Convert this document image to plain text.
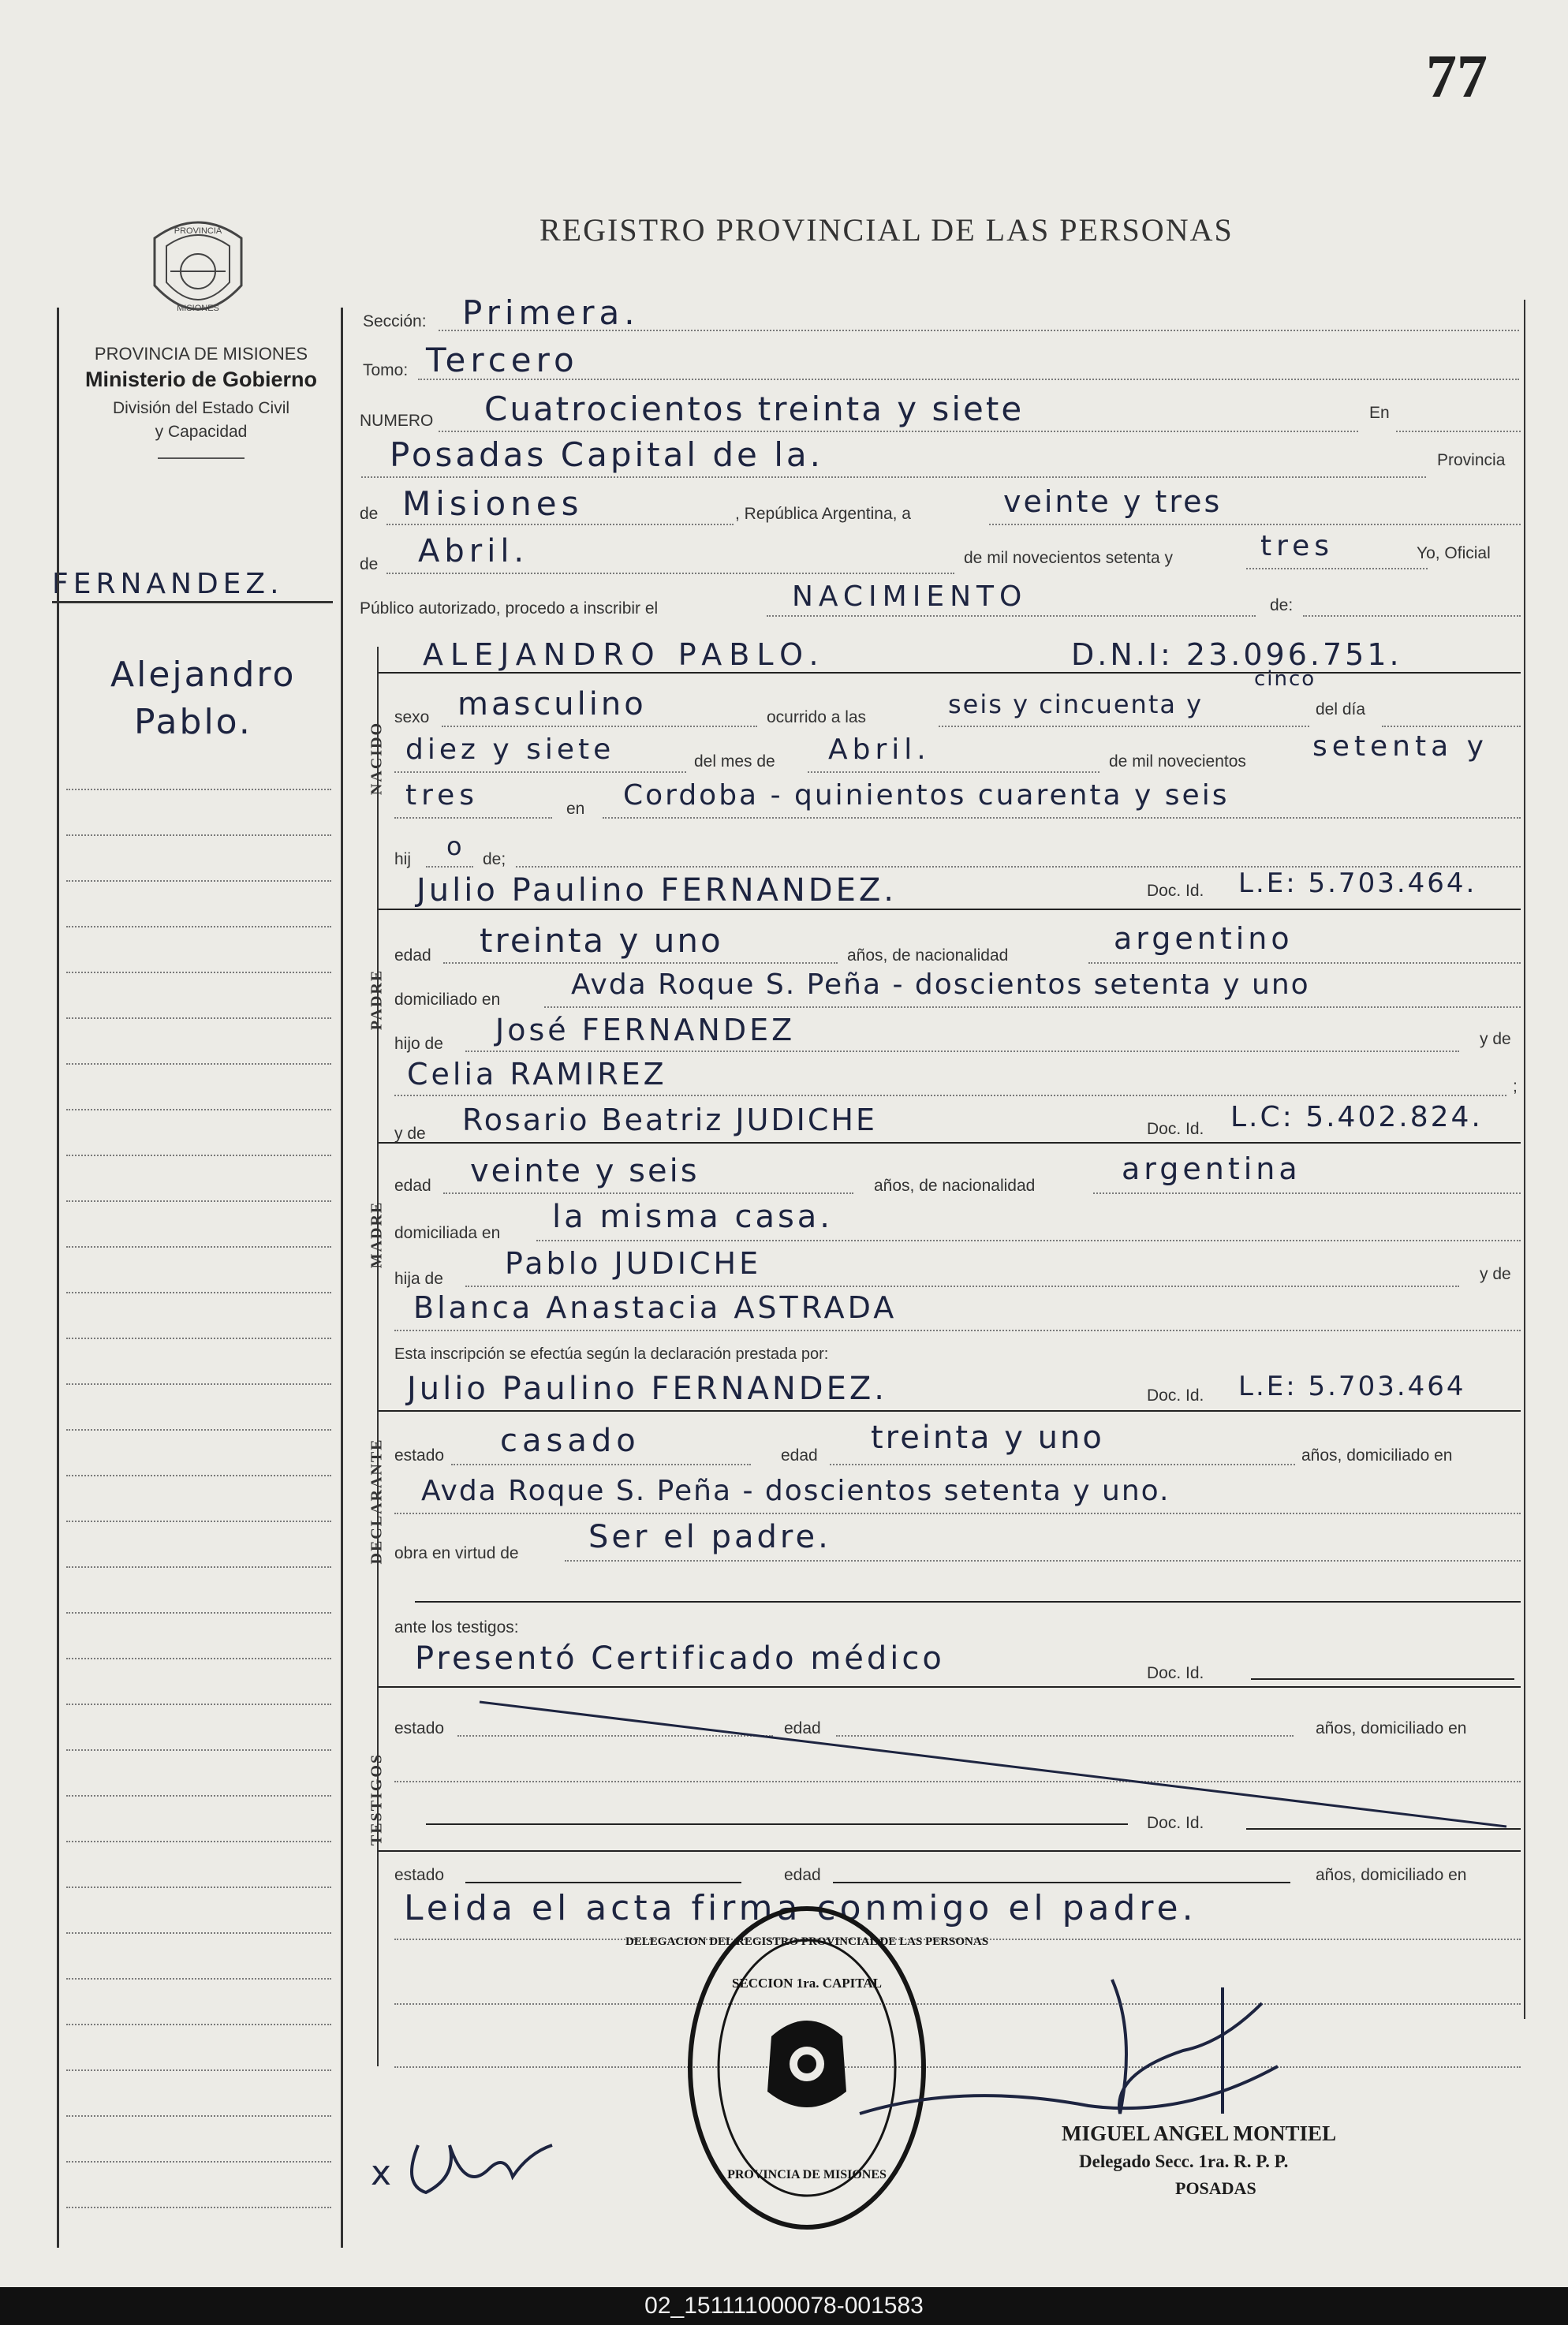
77
REGISTRO PROVINCIAL DE LAS PERSONAS
PROVINCIA
MISIONES
PROVINCIA DE MISIONES
Ministerio de Gobierno
División del Estado Civil
y Capacidad
FERNANDEZ.
Alejandro
Pablo.
Sección: Primera.
Tomo: Tercero
NUMERO Cuatrocientos treinta y siete	En
Posadas Capital de la.	Provincia
de Misiones	, República Argentina, a	veinte y tres
de Abril.	de mil novecientos setenta y	tres	Yo, Oficial
Público autorizado, procedo a inscribir el	NACIMIENTO	de:
NACIDO
ALEJANDRO PABLO.	D.N.I: 23.096.751.
sexo masculino	ocurrido a las	seis y cincuenta y
cinco
del día
diez y siete	del mes de Abril.	de mil novecientos setenta y
tres	en Cordoba - quinientos cuarenta y seis
hij o de;
PADRE
Julio Paulino FERNANDEZ.	Doc. Id. L.E: 5.703.464.
edad treinta y uno	años, de nacionalidad	argentino
domiciliado en Avda Roque S. Peña - doscientos setenta y uno
hijo de José FERNANDEZ	y de
Celia RAMIREZ	;
MADRE
y de Rosario Beatriz JUDICHE	Doc. Id. L.C: 5.402.824.
edad veinte y seis	años, de nacionalidad	argentina
domiciliada en la misma casa.
hija de Pablo JUDICHE	y de
Blanca Anastacia ASTRADA
Esta inscripción se efectúa según la declaración prestada por:
DECLARANTE
Julio Paulino FERNANDEZ.	Doc. Id. L.E: 5.703.464
estado casado	edad treinta y uno	años, domiciliado en
Avda Roque S. Peña - doscientos setenta y uno.
obra en virtud de Ser el padre.
ante los testigos:
TESTIGOS
Presentó Certificado médico	Doc. Id.
estado	edad	años, domiciliado en
Doc. Id.
estado	edad	años, domiciliado en
Leida el acta firma conmigo el padre.
DELEGACION DEL REGISTRO PROVINCIAL DE LAS PERSONAS
SECCION 1ra. CAPITAL
PROVINCIA DE MISIONES
x
MIGUEL ANGEL MONTIEL
Delegado Secc. 1ra. R. P. P.
POSADAS
02_151111000078-001583
